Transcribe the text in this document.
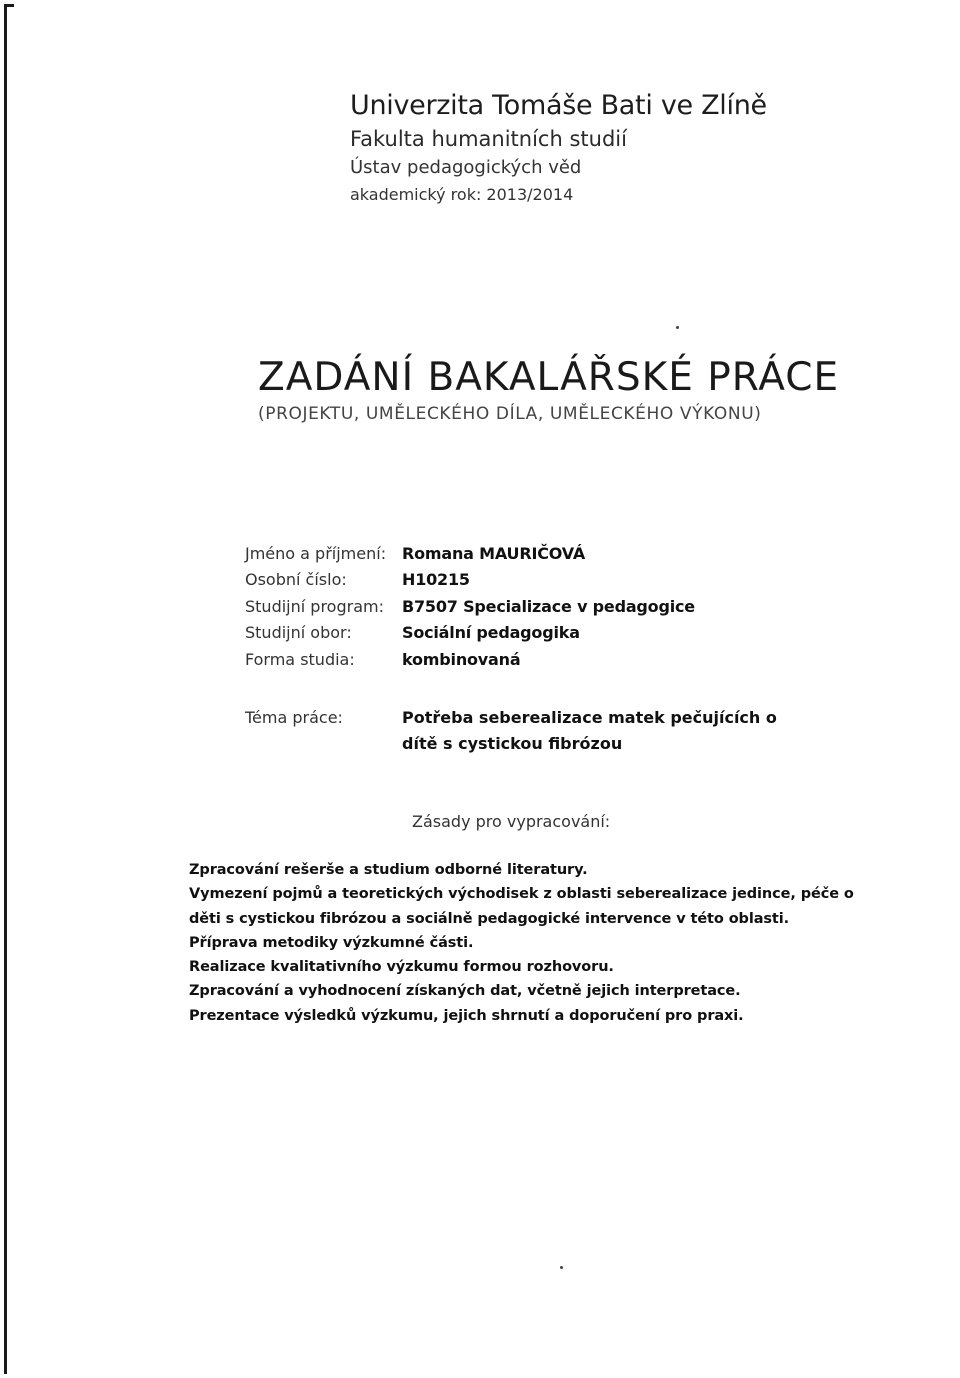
Univerzita Tomáše Bati ve Zlíně

Fakulta humanitních studií

Ústav pedagogických věd

akademický rok: 2013/2014

ZADÁNÍ BAKALÁŘSKÉ PRÁCE

(PROJEKTU, UMĚLECKÉHO DÍLA, UMĚLECKÉHO VÝKONU)

Jméno a příjmení: Romana MAURIČOVÁ
Osobní číslo:	H10215
Studijní program:	B7507 Specializace v pedagogice
Studijní obor:	Sociální pedagogika
Forma studia:	kombinovaná
Téma práce:	Potřeba seberealizace matek pečujících o dítě s cystickou fibrózou
Zásady pro vypracování:
Zpracování rešerše a studium odborné literatury.
Vymezení pojmů a teoretických východisek z oblasti seberealizace jedince, péče o děti s cystickou fibrózou a sociálně pedagogické intervence v této oblasti.
Příprava metodiky výzkumné části.
Realizace kvalitativního výzkumu formou rozhovoru.
Zpracování a vyhodnocení získaných dat, včetně jejich interpretace.
Prezentace výsledků výzkumu, jejich shrnutí a doporučení pro praxi.
